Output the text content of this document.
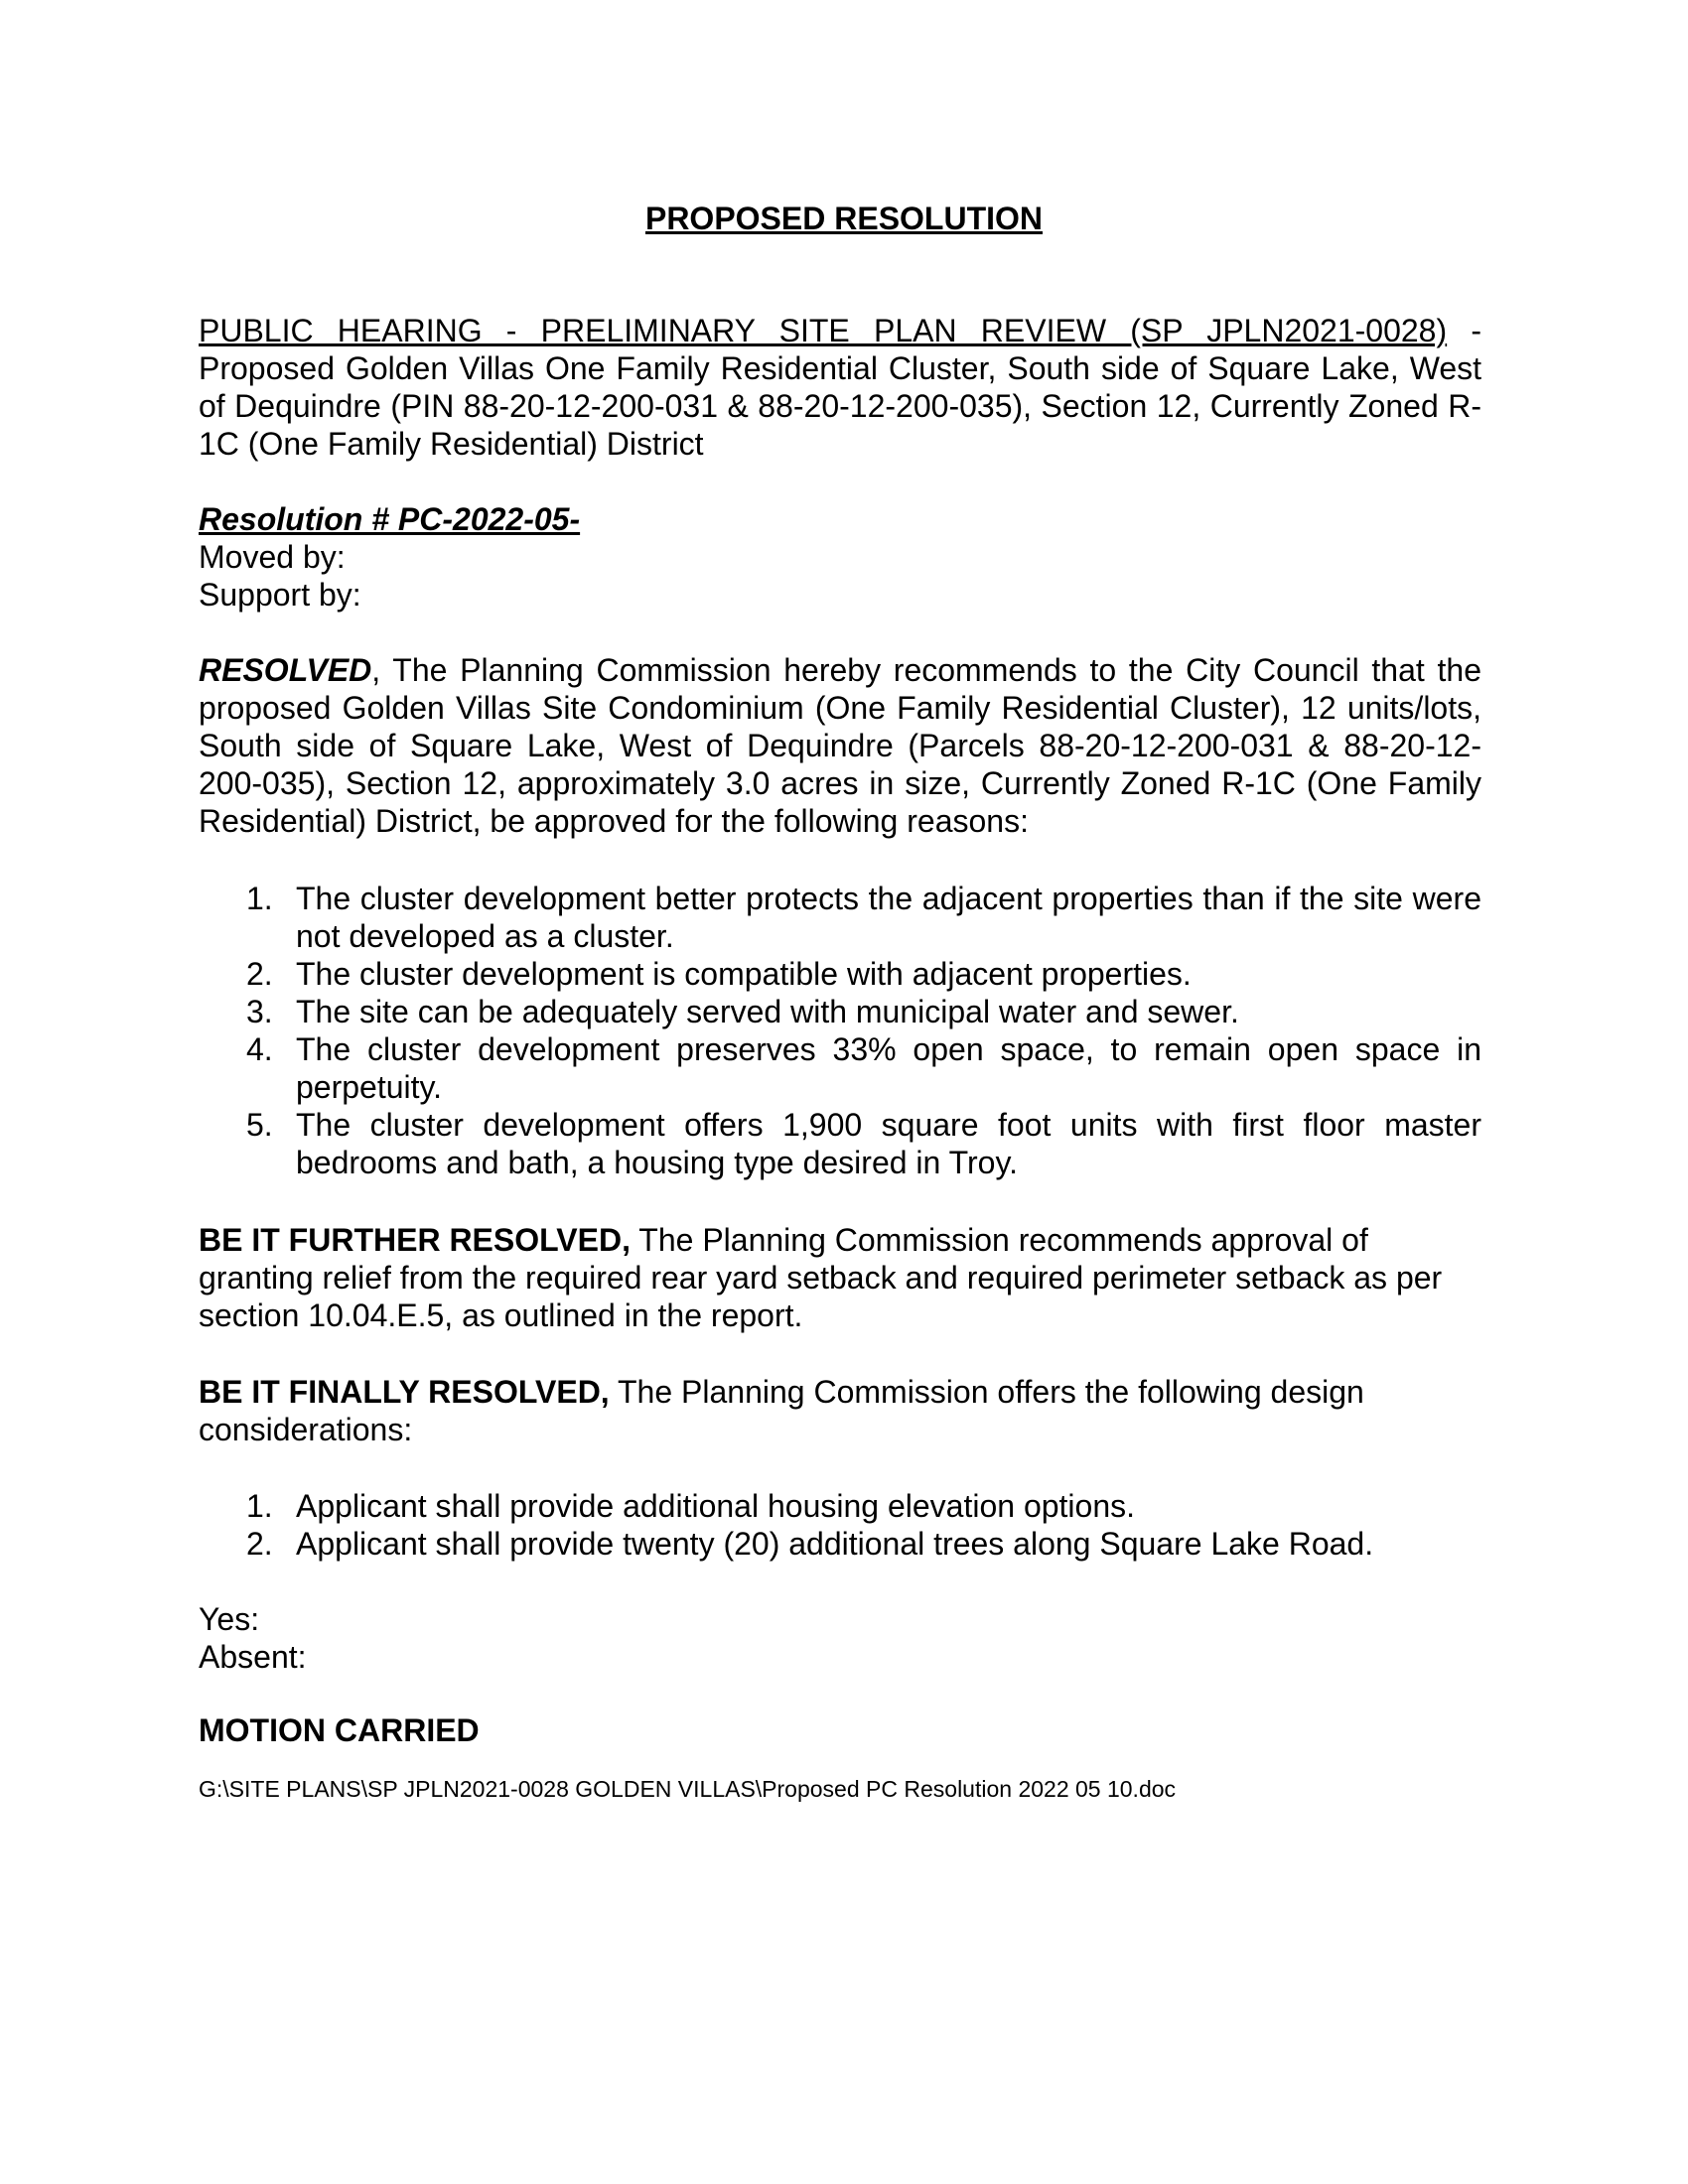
PROPOSED RESOLUTION
PUBLIC HEARING - PRELIMINARY SITE PLAN REVIEW (SP JPLN2021-0028) - Proposed Golden Villas One Family Residential Cluster, South side of Square Lake, West of Dequindre (PIN 88-20-12-200-031 & 88-20-12-200-035), Section 12, Currently Zoned R-1C (One Family Residential) District
Resolution # PC-2022-05-
Moved by:
Support by:
RESOLVED, The Planning Commission hereby recommends to the City Council that the proposed Golden Villas Site Condominium (One Family Residential Cluster), 12 units/lots, South side of Square Lake, West of Dequindre (Parcels 88-20-12-200-031 & 88-20-12-200-035), Section 12, approximately 3.0 acres in size, Currently Zoned R-1C (One Family Residential) District, be approved for the following reasons:
1. The cluster development better protects the adjacent properties than if the site were not developed as a cluster.
2. The cluster development is compatible with adjacent properties.
3. The site can be adequately served with municipal water and sewer.
4. The cluster development preserves 33% open space, to remain open space in perpetuity.
5. The cluster development offers 1,900 square foot units with first floor master bedrooms and bath, a housing type desired in Troy.
BE IT FURTHER RESOLVED, The Planning Commission recommends approval of granting relief from the required rear yard setback and required perimeter setback as per section 10.04.E.5, as outlined in the report.
BE IT FINALLY RESOLVED, The Planning Commission offers the following design considerations:
1. Applicant shall provide additional housing elevation options.
2. Applicant shall provide twenty (20) additional trees along Square Lake Road.
Yes:
Absent:
MOTION CARRIED
G:\SITE PLANS\SP JPLN2021-0028 GOLDEN VILLAS\Proposed PC Resolution 2022 05 10.doc
